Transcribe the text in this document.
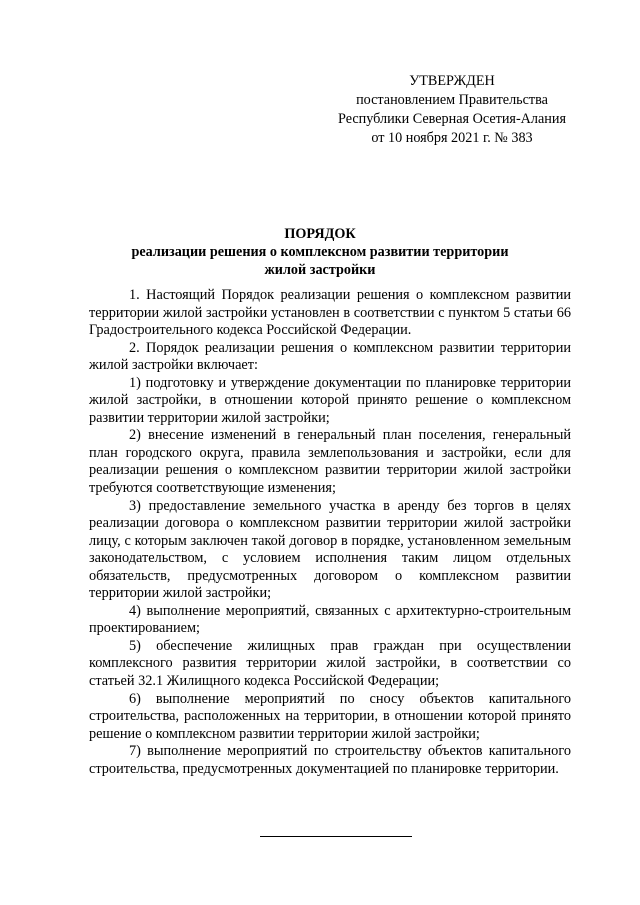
УТВЕРЖДЕН
постановлением Правительства
Республики Северная Осетия-Алания
от 10 ноября 2021 г. № 383
ПОРЯДОК
реализации решения о комплексном развитии территории
жилой застройки

1. Настоящий Порядок реализации решения о комплексном развитии территории жилой застройки установлен в соответствии с пунктом 5 статьи 66 Градостроительного кодекса Российской Федерации.

2. Порядок реализации решения о комплексном развитии территории жилой застройки включает:

1) подготовку и утверждение документации по планировке территории жилой застройки, в отношении которой принято решение о комплексном развитии территории жилой застройки;

2) внесение изменений в генеральный план поселения, генеральный план городского округа, правила землепользования и застройки, если для реализации решения о комплексном развитии территории жилой застройки требуются соответствующие изменения;

3) предоставление земельного участка в аренду без торгов в целях реализации договора о комплексном развитии территории жилой застройки лицу, с которым заключен такой договор в порядке, установленном земельным законодательством, с условием исполнения таким лицом отдельных обязательств, предусмотренных договором о комплексном развитии территории жилой застройки;

4) выполнение мероприятий, связанных с архитектурно-строительным проектированием;

5) обеспечение жилищных прав граждан при осуществлении комплексного развития территории жилой застройки, в соответствии со статьей 32.1 Жилищного кодекса Российской Федерации;

6) выполнение мероприятий по сносу объектов капитального строительства, расположенных на территории, в отношении которой принято решение о комплексном развитии территории жилой застройки;

7) выполнение мероприятий по строительству объектов капитального строительства, предусмотренных документацией по планировке территории.
